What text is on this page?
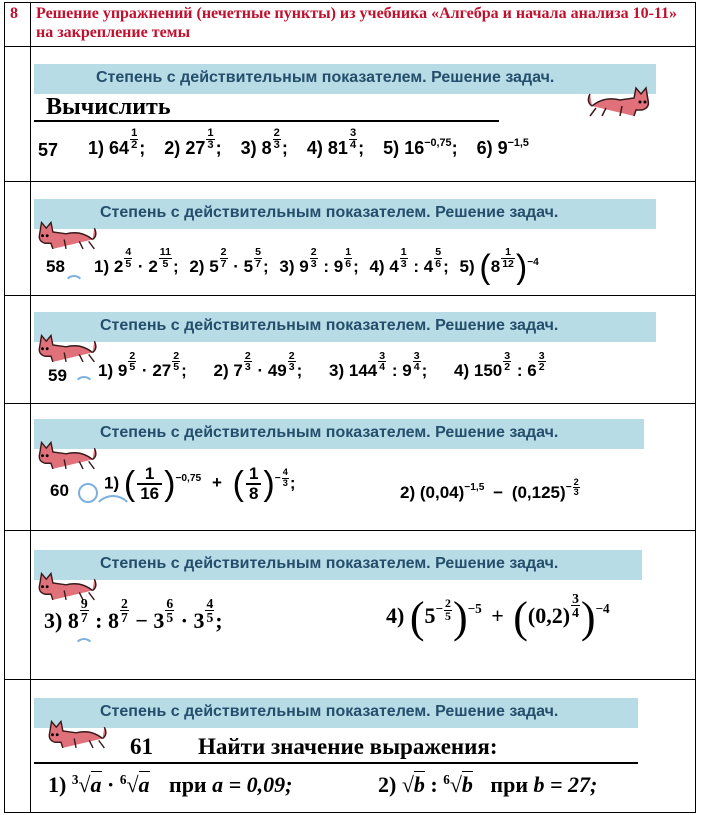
8 Решение упражнений (нечетные пункты) из учебника «Алгебра и начала анализа 10-11» на закрепление темы
Степень с действительным показателем. Решение задач.
Вычислить
57 1) $64 \frac{1}{2}$ ; 2) $27 \frac{1}{3}$ ; 3) $8 \frac{2}{3}$ ; 4) $81 \frac{3}{4}$ ; 5) $16^{-0,75}$; 6) $9^{-1,5}$
Степень с действительным показателем. Решение задач.
58 1) $2 \frac{4}{5} \cdot 2 \frac{11}{5}$ ; 2) $5 \frac{2}{7} \cdot 5 \frac{5}{7}$ ; 3) $9 \frac{2}{3}$ : $9 \frac{1}{6}$ ; 4) $4 \frac{1}{3}$ : $4 \frac{5}{6}$ ; 5) $(8 \frac{1}{12} )^{-4}$
Степень с действительным показателем. Решение задач.
59 1) $9 \frac{2}{5} \cdot 27 \frac{2}{5}$ ; 2) $7 \frac{2}{3} \cdot 49 \frac{2}{3}$ ; 3) $144 \frac{3}{4}$ : $9 \frac{3}{4}$ ; 4) $150 \frac{3}{2}$ : $6 \frac{3}{2}$
Степень с действительным показателем. Решение задач.
60 1) ( $\frac{1}{16} )^{-0,75}$ + ( $\frac{1}{8} )^{- \frac{4}{3}}$ ;
2) $(0,04)^{-1,5} - (0,125)^{- \frac{2}{3}}$
Степень с действительным показателем. Решение задач.
3) $8 \frac{9}{7}$ : $8 \frac{2}{7} - 3 \frac{6}{5} \cdot 3 \frac{4}{5}$ ;	4) ($5^{- \frac{2}{5}}$ )$^{-5} + ((0,2) \frac{3}{4} )^{-4}$
Степень с действительным показателем. Решение задач.
61 Найти значение выражения:
1) $^3$√a · $^6$√a при a = 0,09;	2) √b : $^6$√b при b = 27;
